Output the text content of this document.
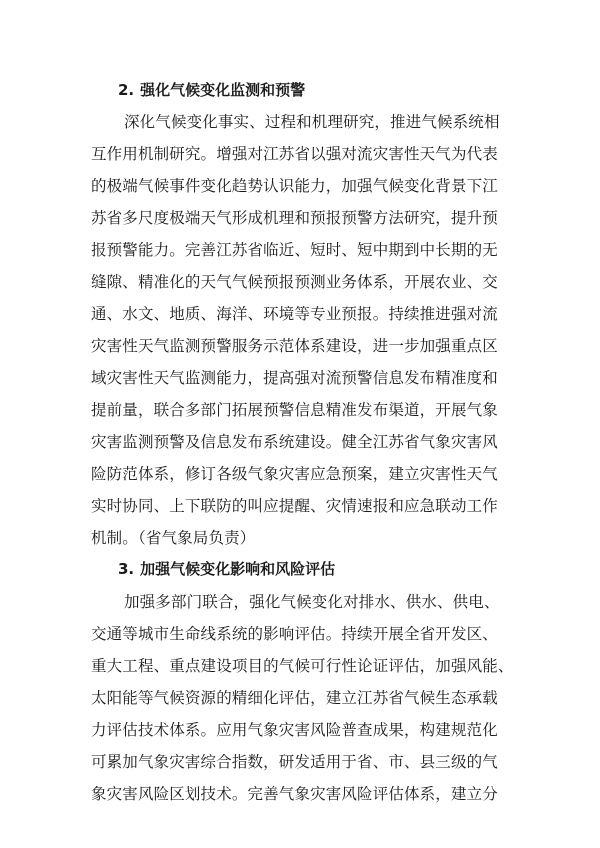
2. 强化气候变化监测和预警
深化气候变化事实、过程和机理研究，推进气候系统相
互作用机制研究。增强对江苏省以强对流灾害性天气为代表
的极端气候事件变化趋势认识能力，加强气候变化背景下江
苏省多尺度极端天气形成机理和预报预警方法研究，提升预
报预警能力。完善江苏省临近、短时、短中期到中长期的无
缝隙、精准化的天气气候预报预测业务体系，开展农业、交
通、水文、地质、海洋、环境等专业预报。持续推进强对流
灾害性天气监测预警服务示范体系建设，进一步加强重点区
域灾害性天气监测能力，提高强对流预警信息发布精准度和
提前量，联合多部门拓展预警信息精准发布渠道，开展气象
灾害监测预警及信息发布系统建设。健全江苏省气象灾害风
险防范体系，修订各级气象灾害应急预案，建立灾害性天气
实时协同、上下联防的叫应提醒、灾情速报和应急联动工作
机制。（省气象局负责）
3. 加强气候变化影响和风险评估
加强多部门联合，强化气候变化对排水、供水、供电、
交通等城市生命线系统的影响评估。持续开展全省开发区、
重大工程、重点建设项目的气候可行性论证评估，加强风能、
太阳能等气候资源的精细化评估，建立江苏省气候生态承载
力评估技术体系。应用气象灾害风险普查成果，构建规范化
可累加气象灾害综合指数，研发适用于省、市、县三级的气
象灾害风险区划技术。完善气象灾害风险评估体系，建立分
